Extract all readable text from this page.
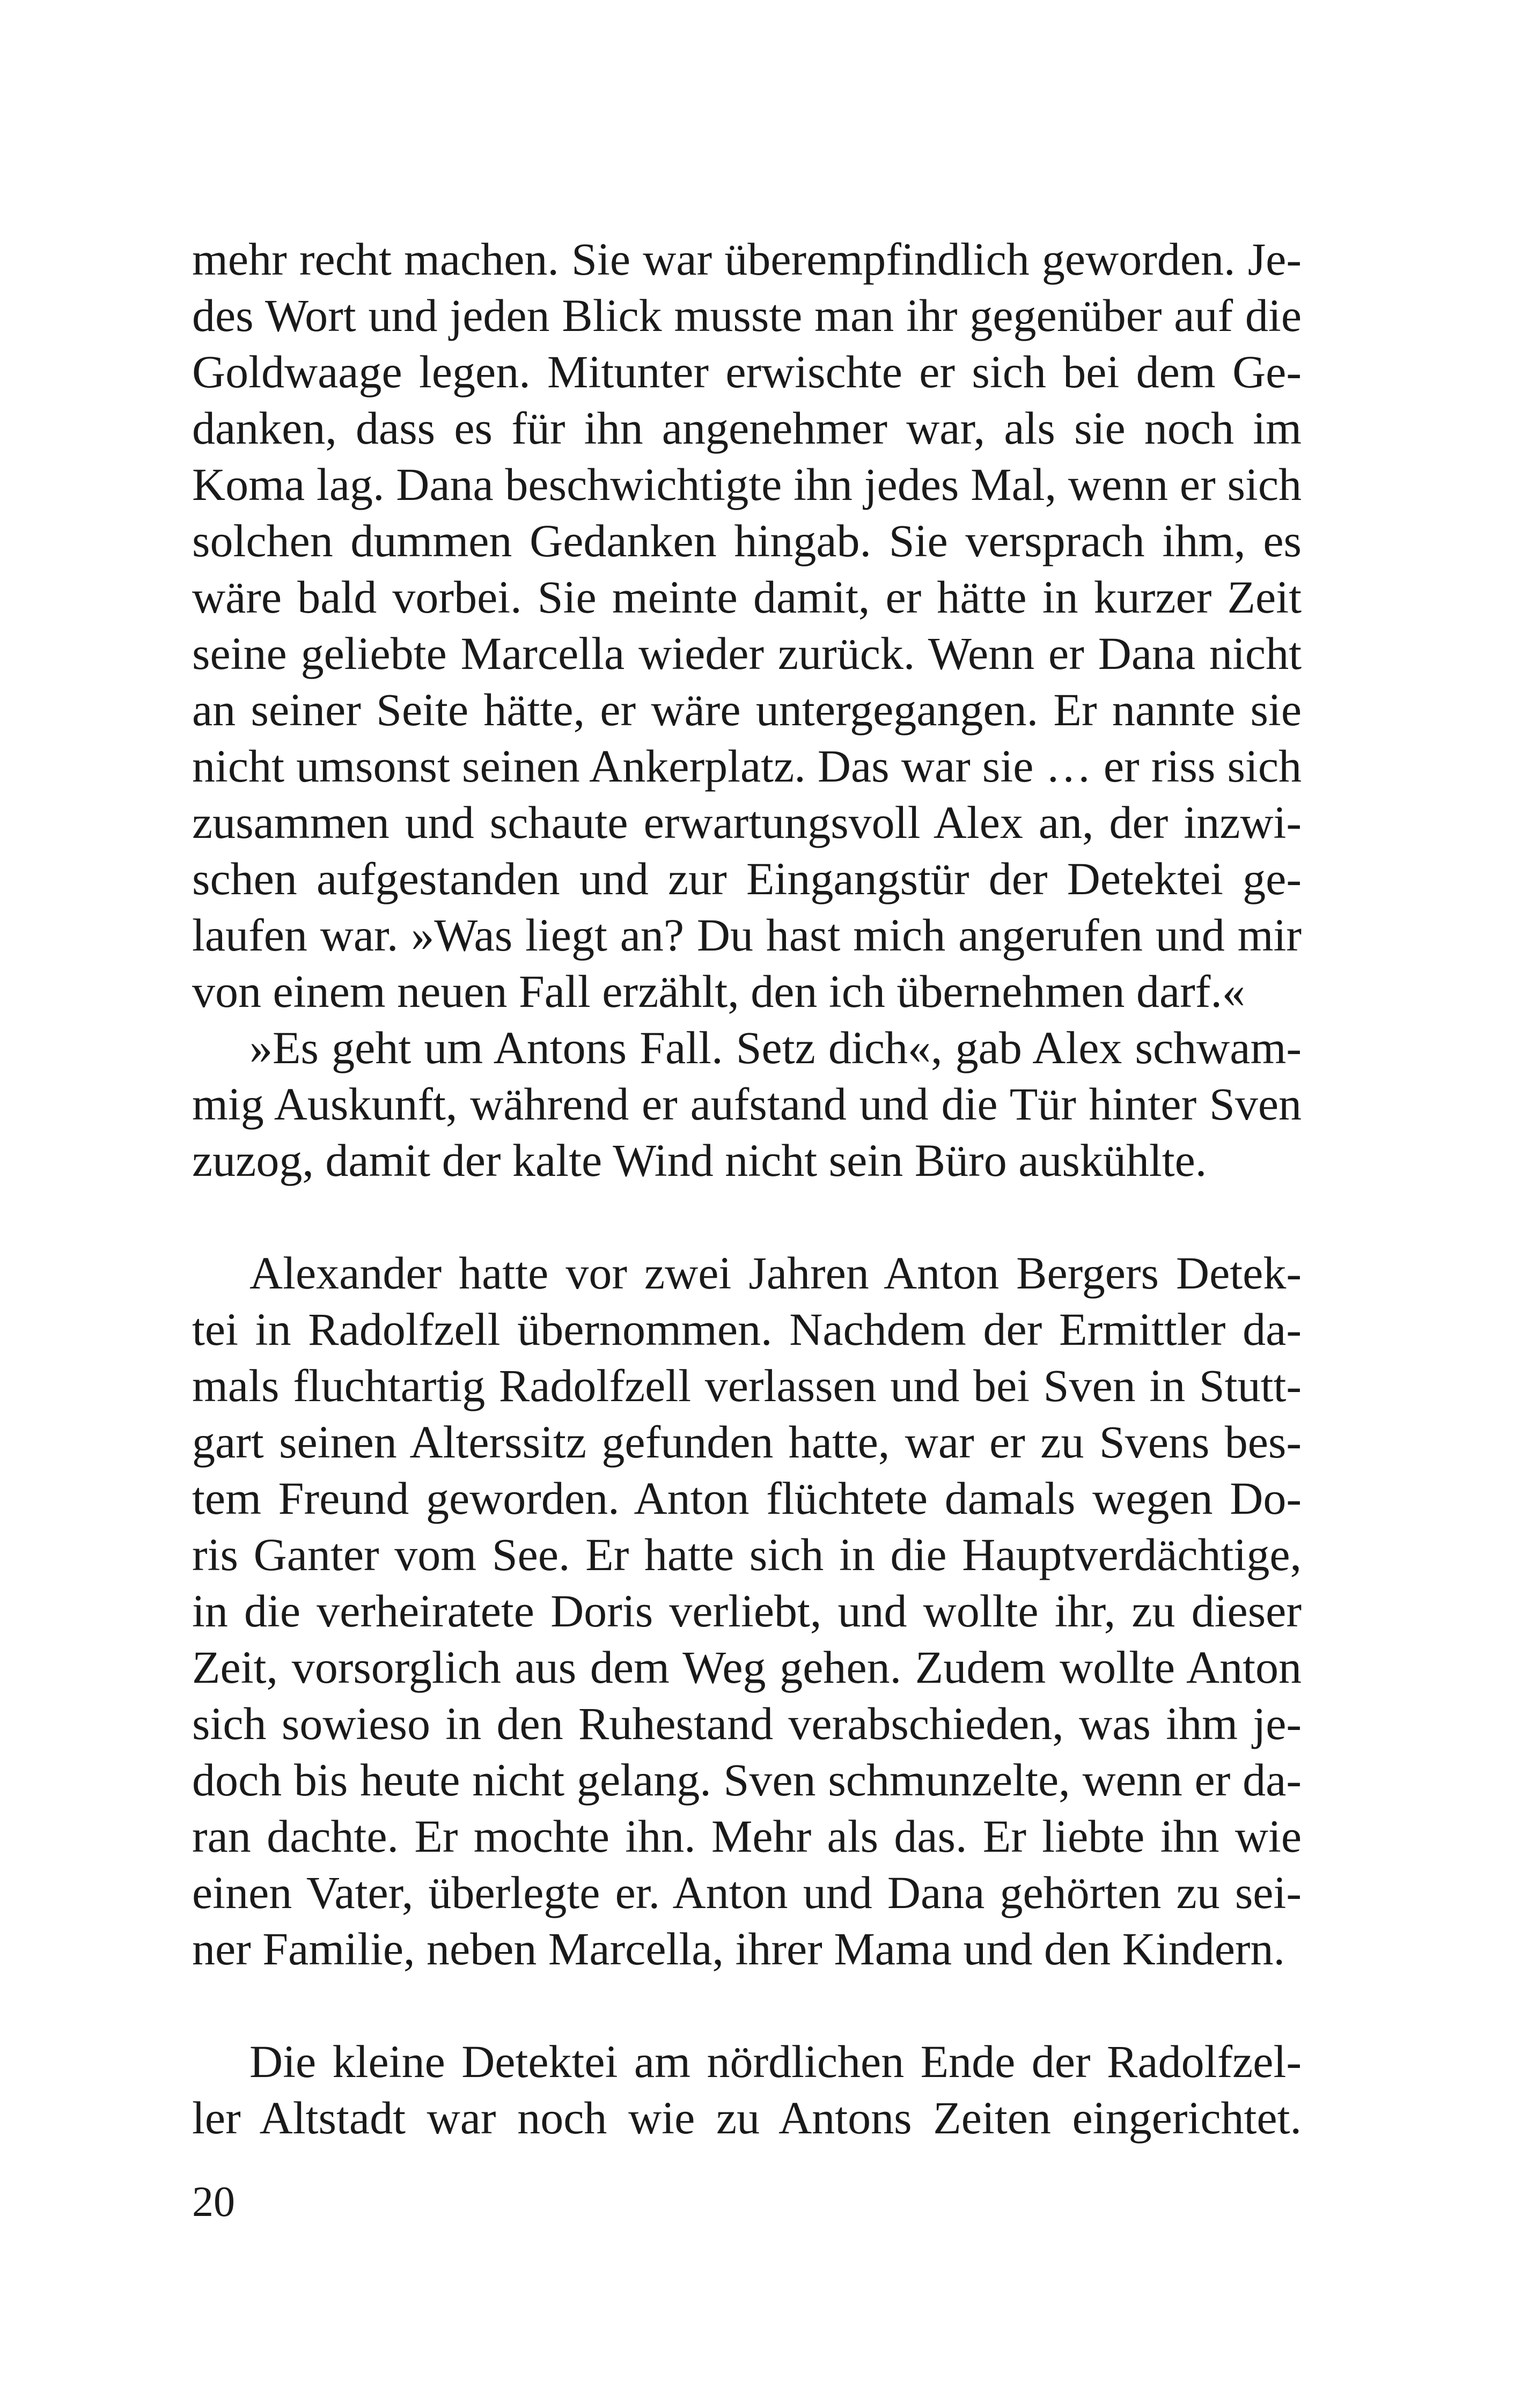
mehr recht machen. Sie war überempfindlich geworden. Je-
des Wort und jeden Blick musste man ihr gegenüber auf die
Goldwaage legen. Mitunter erwischte er sich bei dem Ge-
danken, dass es für ihn angenehmer war, als sie noch im
Koma lag. Dana beschwichtigte ihn jedes Mal, wenn er sich
solchen dummen Gedanken hingab. Sie versprach ihm, es
wäre bald vorbei. Sie meinte damit, er hätte in kurzer Zeit
seine geliebte Marcella wieder zurück. Wenn er Dana nicht
an seiner Seite hätte, er wäre untergegangen. Er nannte sie
nicht umsonst seinen Ankerplatz. Das war sie … er riss sich
zusammen und schaute erwartungsvoll Alex an, der inzwi-
schen aufgestanden und zur Eingangstür der Detektei ge-
laufen war. »Was liegt an? Du hast mich angerufen und mir
von einem neuen Fall erzählt, den ich übernehmen darf.«
»Es geht um Antons Fall. Setz dich«, gab Alex schwam-
mig Auskunft, während er aufstand und die Tür hinter Sven
zuzog, damit der kalte Wind nicht sein Büro auskühlte.
Alexander hatte vor zwei Jahren Anton Bergers Detek-
tei in Radolfzell übernommen. Nachdem der Ermittler da-
mals fluchtartig Radolfzell verlassen und bei Sven in Stutt-
gart seinen Alterssitz gefunden hatte, war er zu Svens bes-
tem Freund geworden. Anton flüchtete damals wegen Do-
ris Ganter vom See. Er hatte sich in die Hauptverdächtige,
in die verheiratete Doris verliebt, und wollte ihr, zu dieser
Zeit, vorsorglich aus dem Weg gehen. Zudem wollte Anton
sich sowieso in den Ruhestand verabschieden, was ihm je-
doch bis heute nicht gelang. Sven schmunzelte, wenn er da-
ran dachte. Er mochte ihn. Mehr als das. Er liebte ihn wie
einen Vater, überlegte er. Anton und Dana gehörten zu sei-
ner Familie, neben Marcella, ihrer Mama und den Kindern.
Die kleine Detektei am nördlichen Ende der Radolfzel-
ler Altstadt war noch wie zu Antons Zeiten eingerichtet.
20
